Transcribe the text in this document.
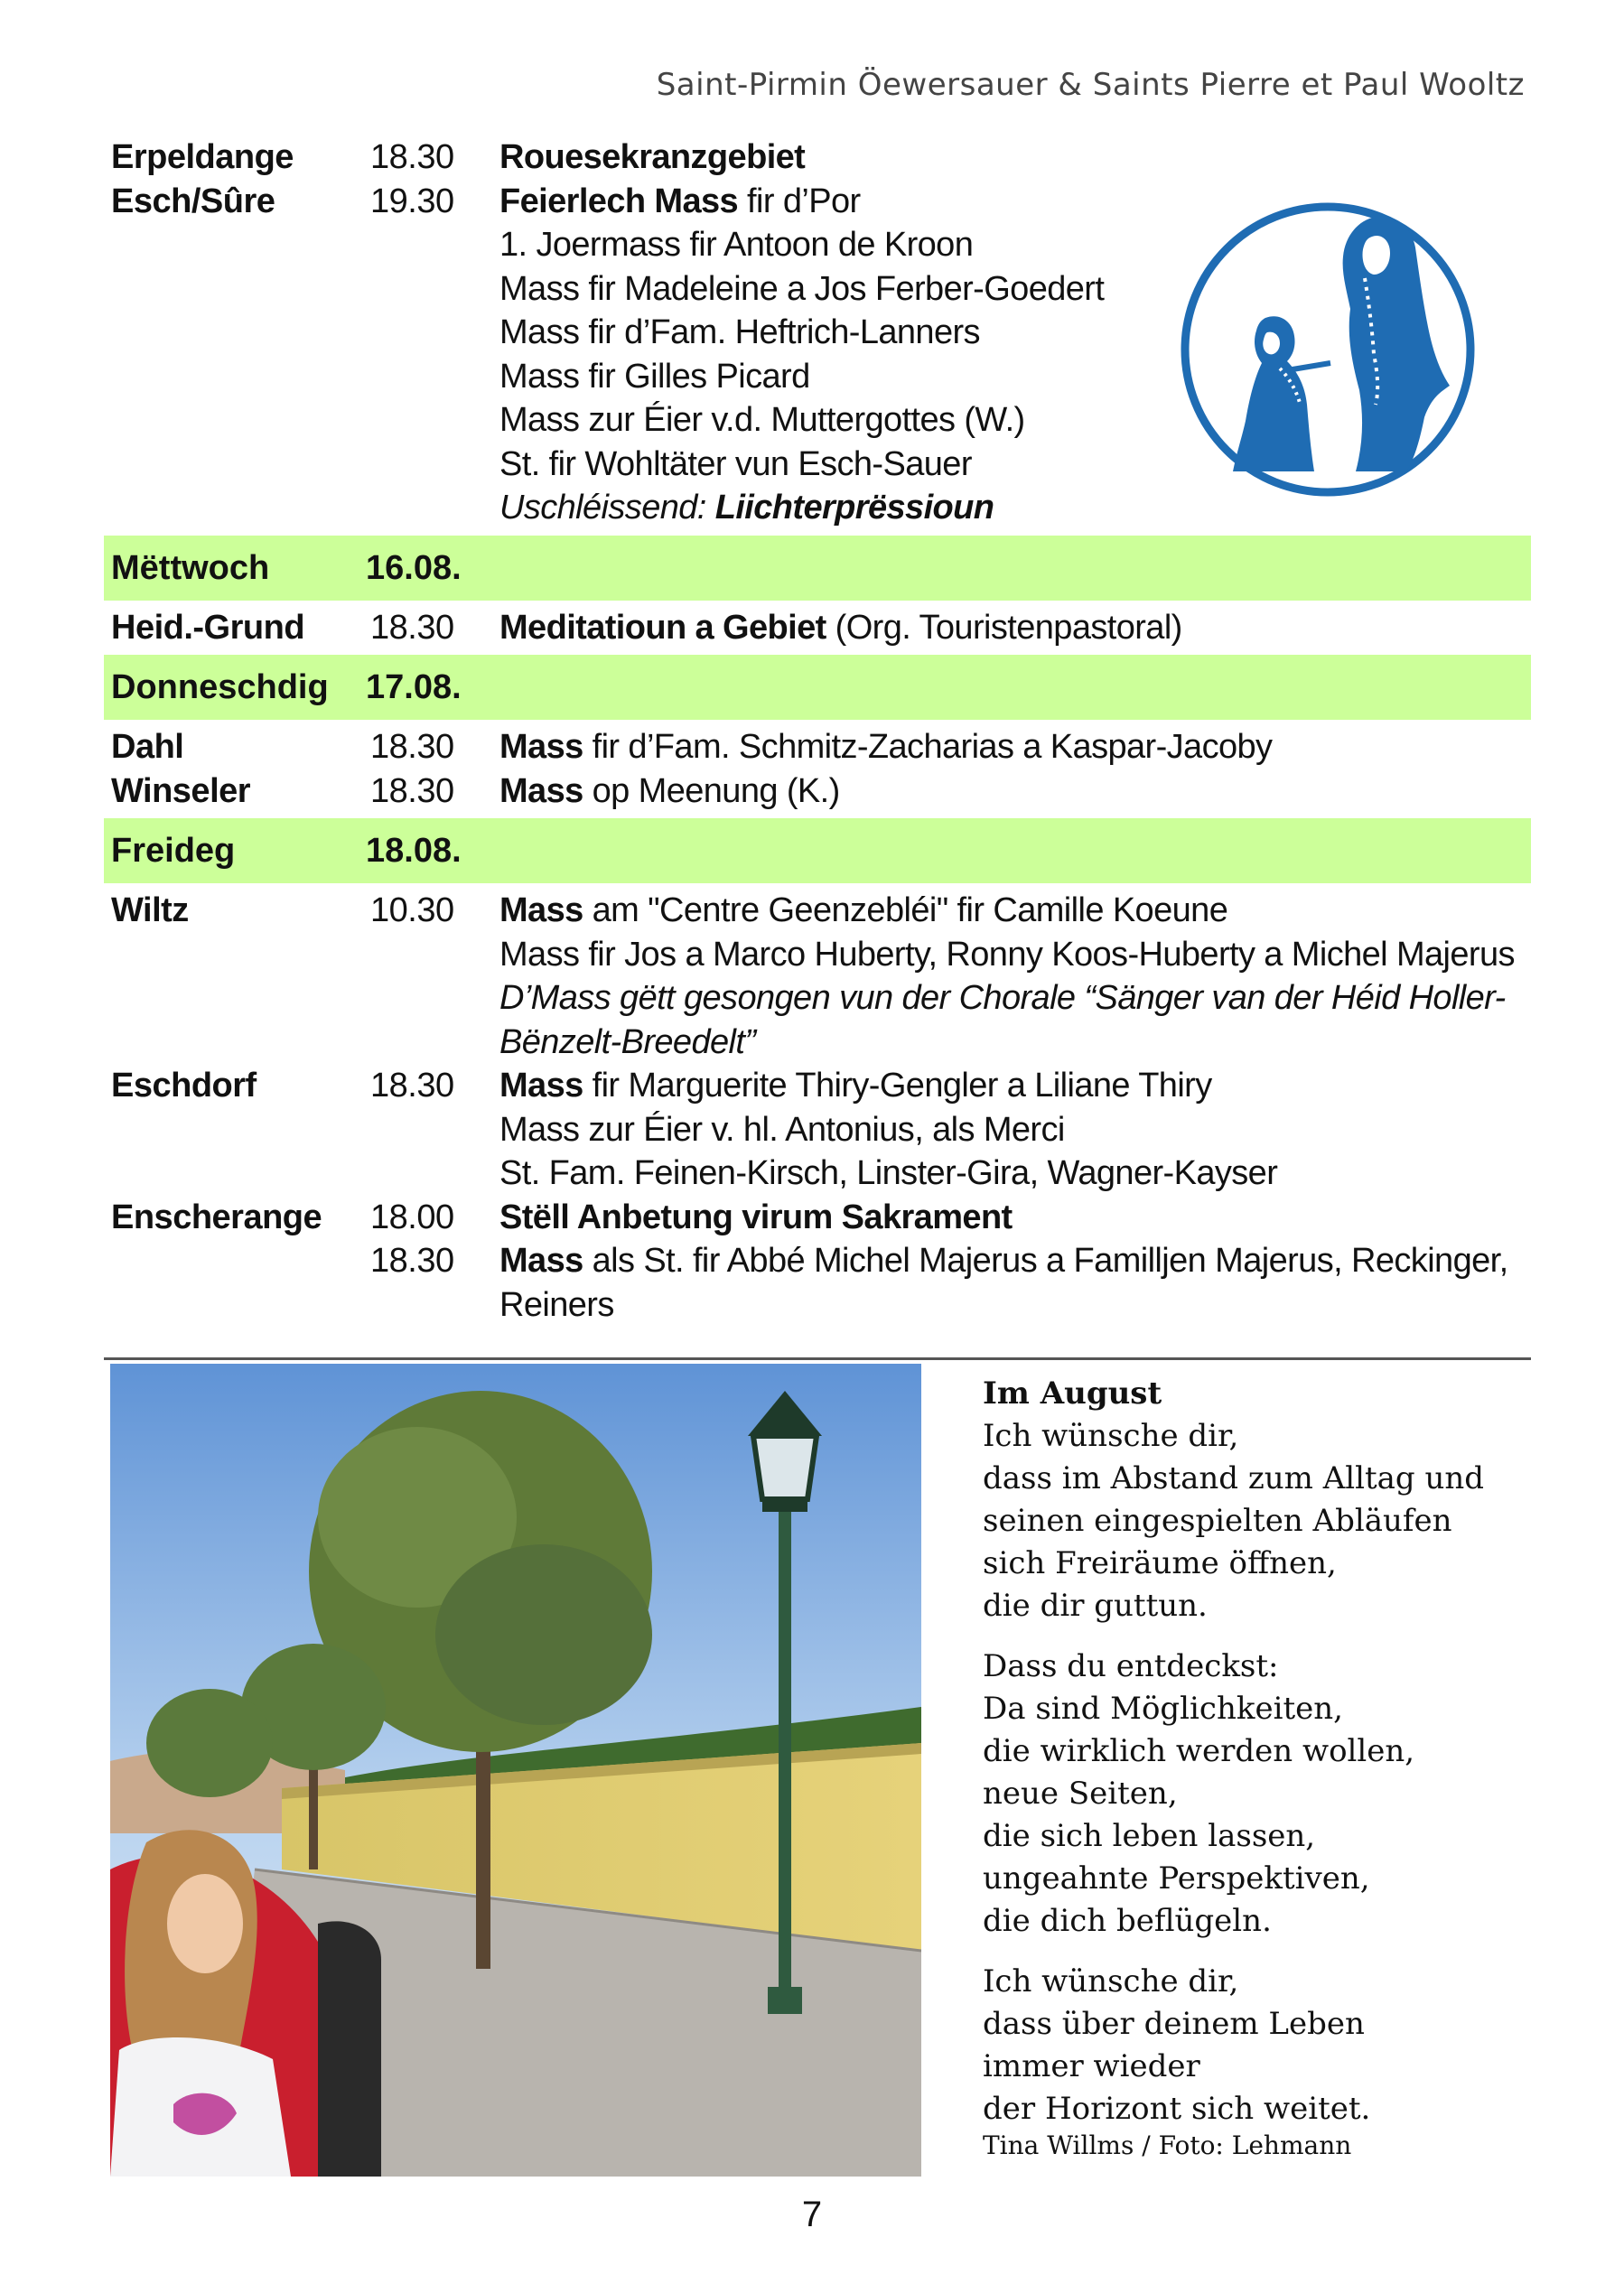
Saint-Pirmin Öewersauer & Saints Pierre et Paul Wooltz
Erpeldange 18.30 Rouesekranzgebiet
Esch/Sûre	19.30 Feierlech Mass fir d’Por
1. Joermass fir Antoon de Kroon
Mass fir Madeleine a Jos Ferber-Goedert
Mass fir d’Fam. Heftrich-Lanners
Mass fir Gilles Picard
Mass zur Éier v.d. Muttergottes (W.)
St. fir Wohltäter vun Esch-Sauer
Uschléissend: Liichterprëssioun
Mëttwoch	16.08.
Heid.-Grund 18.30 Meditatioun a Gebiet (Org. Touristenpastoral)
Donneschdig 17.08.
Dahl	18.30 Mass fir d’Fam. Schmitz-Zacharias a Kaspar-Jacoby
Winseler	18.30 Mass op Meenung (K.)
Freideg	18.08.
Wiltz	10.30 Mass am "Centre Geenzebléi" fir Camille Koeune
Mass fir Jos a Marco Huberty, Ronny Koos-Huberty a Michel Majerus
D’Mass gëtt gesongen vun der Chorale “Sänger van der Héid Holler-
Bënzelt-Breedelt”
Eschdorf	18.30 Mass fir Marguerite Thiry-Gengler a Liliane Thiry
Mass zur Éier v. hl. Antonius, als Merci
St. Fam. Feinen-Kirsch, Linster-Gira, Wagner-Kayser
Enscherange 18.00 Stëll Anbetung virum Sakrament
18.30 Mass als St. fir Abbé Michel Majerus a Familljen Majerus, Reckinger,
Reiners
Im August
Ich wünsche dir,
dass im Abstand zum Alltag und
seinen eingespielten Abläufen
sich Freiräume öffnen,
die dir guttun.
Dass du entdeckst:
Da sind Möglichkeiten,
die wirklich werden wollen,
neue Seiten,
die sich leben lassen,
ungeahnte Perspektiven,
die dich beflügeln.
Ich wünsche dir,
dass über deinem Leben
immer wieder
der Horizont sich weitet.
Tina Willms / Foto: Lehmann
7
